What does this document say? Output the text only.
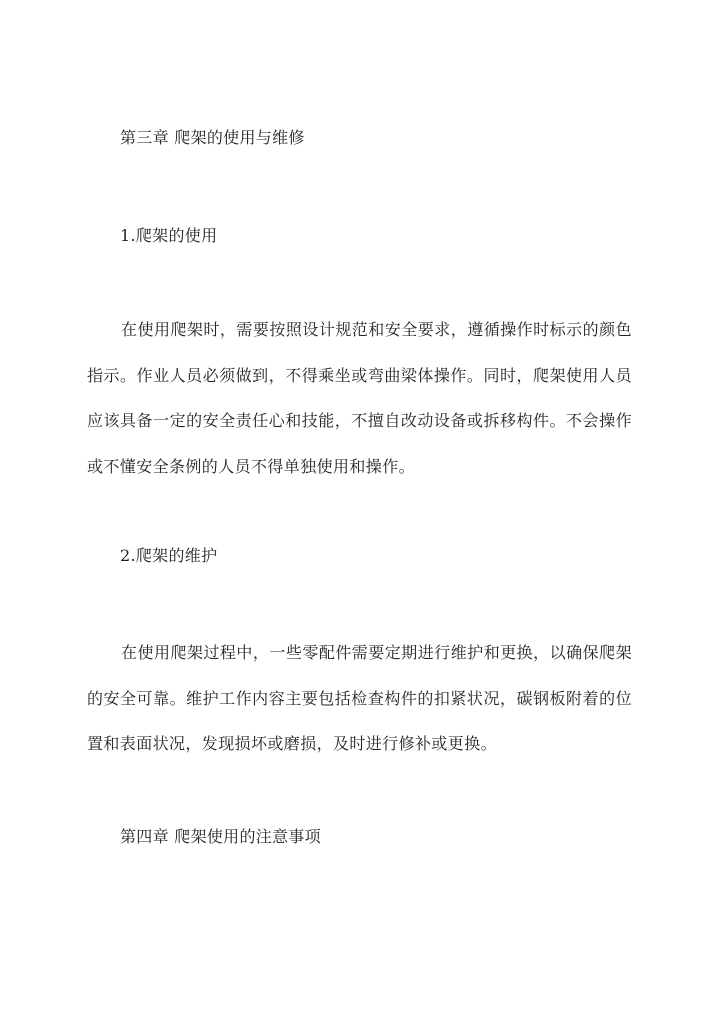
第三章 爬架的使用与维修
1.爬架的使用

在使用爬架时，需要按照设计规范和安全要求，遵循操作时标示的颜色指示。作业人员必须做到，不得乘坐或弯曲梁体操作。同时，爬架使用人员应该具备一定的安全责任心和技能，不擅自改动设备或拆移构件。不会操作或不懂安全条例的人员不得单独使用和操作。

2.爬架的维护

在使用爬架过程中，一些零配件需要定期进行维护和更换，以确保爬架的安全可靠。维护工作内容主要包括检查构件的扣紧状况，碳钢板附着的位置和表面状况，发现损坏或磨损，及时进行修补或更换。

第四章 爬架使用的注意事项
